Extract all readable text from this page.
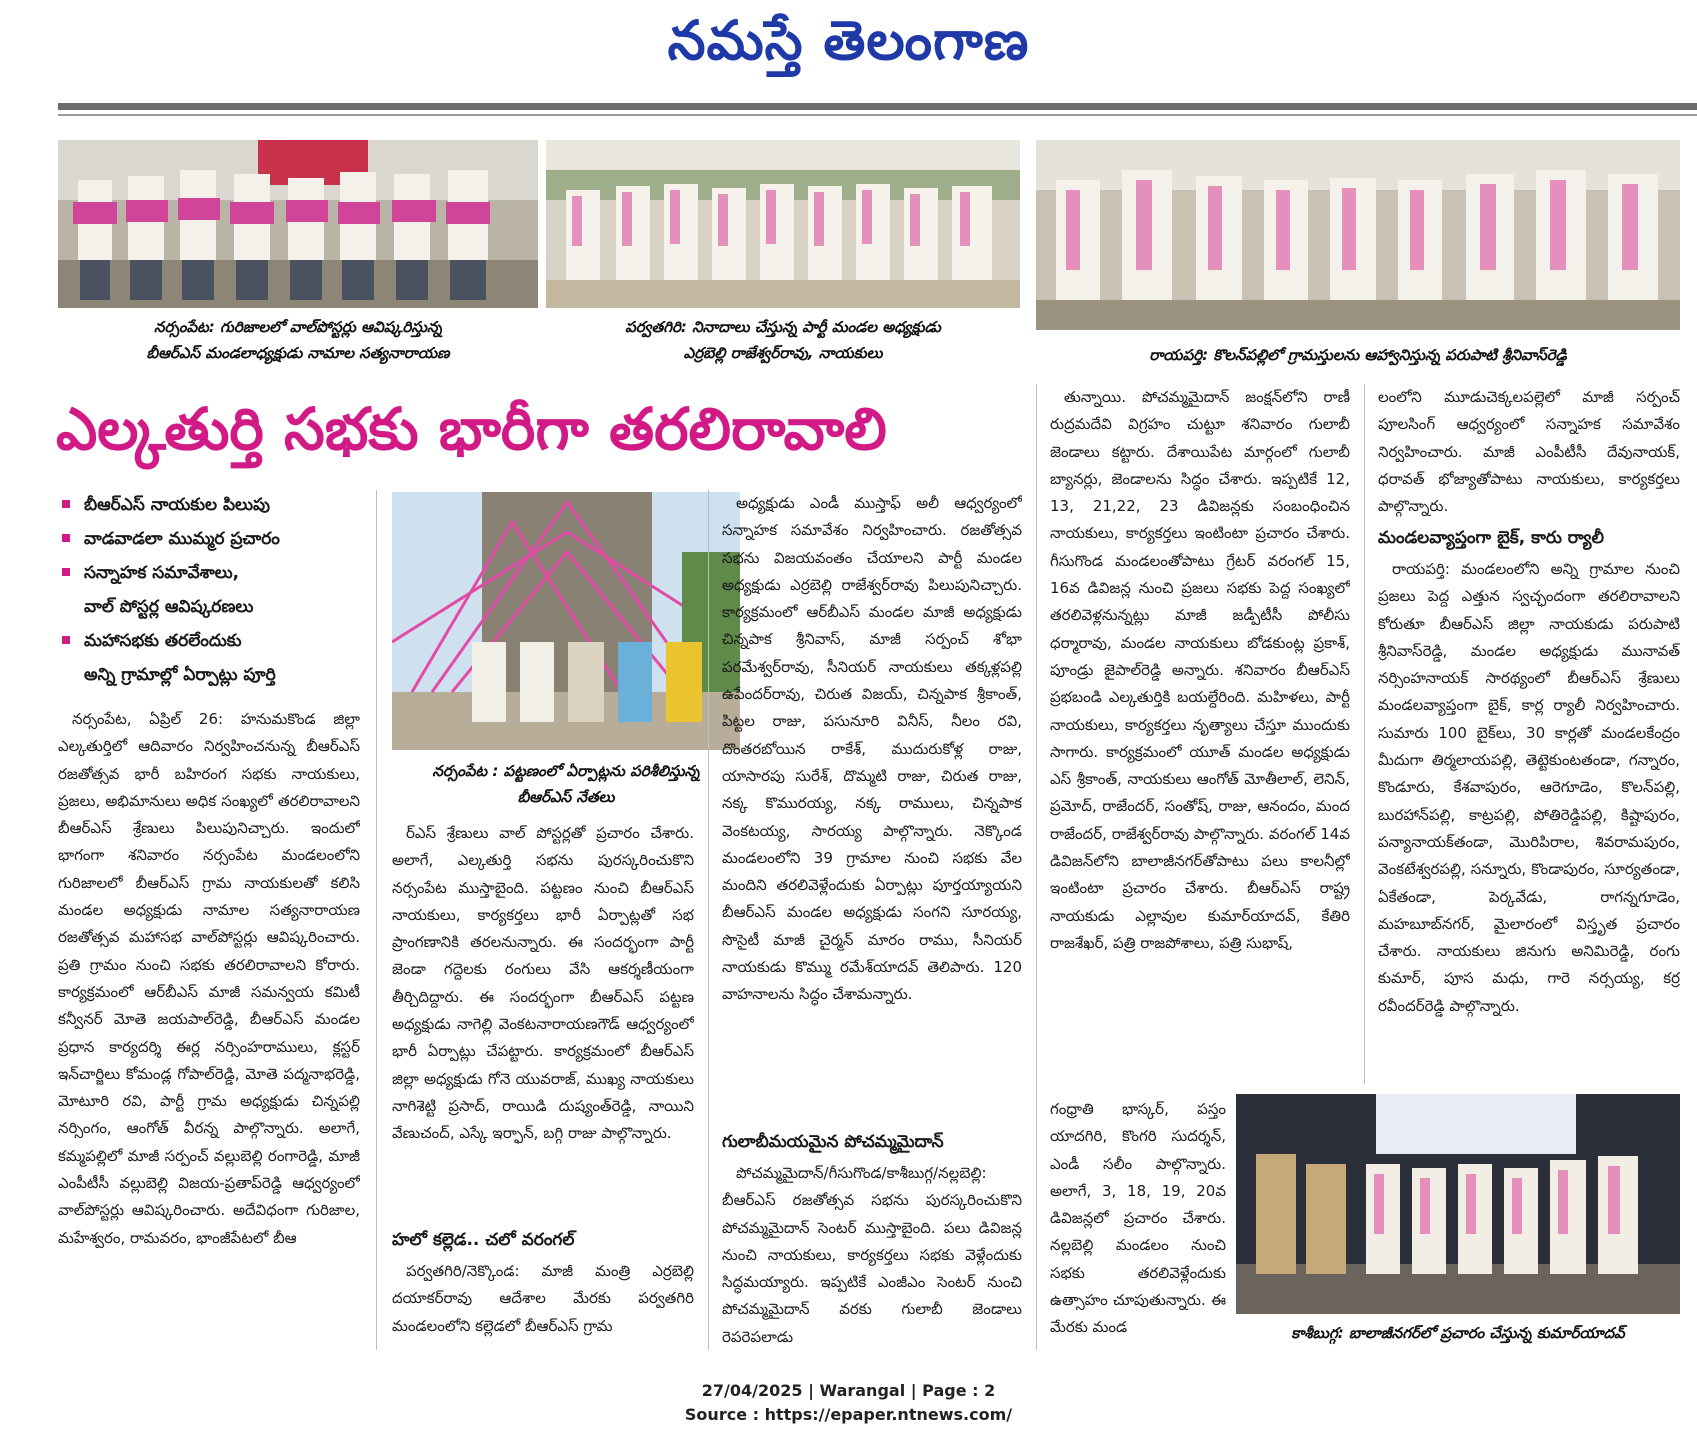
నమస్తే తెలంగాణ
నర్సంపేట: గురిజాలలో వాల్‌పోస్టర్లు ఆవిష్కరిస్తున్న
బీఆర్‌ఎస్ మండలాధ్యక్షుడు నామాల సత్యనారాయణ
పర్వతగిరి: నినాదాలు చేస్తున్న పార్టీ మండల అధ్యక్షుడు
ఎర్రబెల్లి రాజేశ్వర్‌రావు, నాయకులు	రాయపర్తి: కొలన్‌పల్లిలో గ్రామస్తులను ఆహ్వానిస్తున్న పరుపాటి శ్రీనివాస్‌రెడ్డి
ఎల్కతుర్తి సభకు భారీగా తరలిరావాలి
బీఆర్‌ఎస్ నాయకుల పిలుపు
వాడవాడలా ముమ్మర ప్రచారం
సన్నాహక సమావేశాలు,
వాల్ పోస్టర్ల ఆవిష్కరణలు
మహాసభకు తరలేందుకు
అన్ని గ్రామాల్లో ఏర్పాట్లు పూర్తి

నర్సంపేట, ఏప్రిల్ 26: హనుమకొండ జిల్లా ఎల్కతుర్తిలో ఆదివారం నిర్వహించనున్న బీఆర్‌ఎస్ రజతోత్సవ భారీ బహిరంగ సభకు నాయకులు, ప్రజలు, అభిమానులు అధిక సంఖ్యలో తరలిరావాలని బీఆర్‌ఎస్ శ్రేణులు పిలుపునిచ్చారు. ఇందులో భాగంగా శనివారం నర్సంపేట మండలంలోని గురిజాలలో బీఆర్‌ఎస్ గ్రామ నాయకులతో కలిసి మండల అధ్యక్షుడు నామాల సత్యనారాయణ రజతోత్సవ మహాసభ వాల్‌పోస్టర్లు ఆవిష్కరించారు. ప్రతి గ్రామం నుంచి సభకు తరలిరావాలని కోరారు. కార్యక్రమంలో ఆర్‌బీఎస్ మాజీ సమన్వయ కమిటీ కన్వీనర్ మోతె జయపాల్‌రెడ్డి, బీఆర్‌ఎస్ మండల ప్రధాన కార్యదర్శి ఈర్ల నర్సింహరాములు, క్లస్టర్ ఇన్‌చార్జిలు కోమండ్ల గోపాల్‌రెడ్డి, మోతె పద్మనాభరెడ్డి, మోటూరి రవి, పార్టీ గ్రామ అధ్యక్షుడు చిన్నపల్లి నర్సింగం, ఆంగోత్ వీరన్న పాల్గొన్నారు. అలాగే, కమ్మపల్లిలో మాజీ సర్పంచ్ వల్లుబెల్లి రంగారెడ్డి, మాజీ ఎంపీటీసీ వల్లుబెల్లి విజయ-ప్రతాప్‌రెడ్డి ఆధ్వర్యంలో వాల్‌పోస్టర్లు ఆవిష్కరించారు. అదేవిధంగా గురిజాల, మహేశ్వరం, రామవరం, భాంజీపేటలో బీఆ

నర్సంపేట : పట్టణంలో ఏర్పాట్లను పరిశీలిస్తున్న
బీఆర్‌ఎస్ నేతలు

ర్‌ఎస్ శ్రేణులు వాల్ పోస్టర్లతో ప్రచారం చేశారు. అలాగే, ఎల్కతుర్తి సభను పురస్కరించుకొని నర్సంపేట ముస్తాబైంది. పట్టణం నుంచి బీఆర్‌ఎస్ నాయకులు, కార్యకర్తలు భారీ ఏర్పాట్లతో సభ ప్రాంగణానికి తరలనున్నారు. ఈ సందర్భంగా పార్టీ జెండా గద్దెలకు రంగులు వేసి ఆకర్శణీయంగా తీర్చిదిద్దారు. ఈ సందర్భంగా బీఆర్‌ఎస్ పట్టణ అధ్యక్షుడు నాగెల్లి వెంకటనారాయణగౌడ్ ఆధ్వర్యంలో భారీ ఏర్పాట్లు చేపట్టారు. కార్యక్రమంలో బీఆర్‌ఎస్ జిల్లా అధ్యక్షుడు గోనె యువరాజ్, ముఖ్య నాయకులు నాగిశెట్టి ప్రసాద్, రాయిడి దుష్యంత్‌రెడ్డి, నాయిని వేణుచంద్, ఎస్కే ఇర్ఫాన్, బగ్గి రాజు పాల్గొన్నారు.

హలో కల్లెడ.. చలో వరంగల్

పర్వతగిరి/నెక్కొండ: మాజీ మంత్రి ఎర్రబెల్లి దయాకర్‌రావు ఆదేశాల మేరకు పర్వతగిరి మండలంలోని కల్లెడలో బీఆర్‌ఎస్ గ్రామ

అధ్యక్షుడు ఎండీ ముస్తాఫ్ అలీ ఆధ్వర్యంలో సన్నాహక సమావేశం నిర్వహించారు. రజతోత్సవ సభను విజయవంతం చేయాలని పార్టీ మండల అధ్యక్షుడు ఎర్రబెల్లి రాజేశ్వర్‌రావు పిలుపునిచ్చారు. కార్యక్రమంలో ఆర్‌బీఎస్ మండల మాజీ అధ్యక్షుడు చిన్నపాక శ్రీనివాస్, మాజీ సర్పంచ్ శోభా పరమేశ్వర్‌రావు, సీనియర్ నాయకులు తక్కళ్లపల్లి ఉపేందర్‌రావు, చిరుత విజయ్, చిన్నపాక శ్రీకాంత్, పిట్టల రాజు, పసునూరి వినీస్, నీలం రవి, దొంతరబోయిన రాకేశ్, ముదురుకోళ్ల రాజు, యాసారపు సురేశ్, దొమ్మటి రాజు, చిరుత రాజు, నక్క కొమురయ్య, నక్క రాములు, చిన్నపాక వెంకటయ్య, సారయ్య పాల్గొన్నారు. నెక్కొండ మండలంలోని 39 గ్రామాల నుంచి సభకు వేల మందిని తరలివెళ్లేందుకు ఏర్పాట్లు పూర్తయ్యాయని బీఆర్‌ఎస్ మండల అధ్యక్షుడు సంగని సూరయ్య, సొసైటీ మాజీ చైర్మన్ మారం రాము, సీనియర్ నాయకుడు కొమ్ము రమేశ్‌యాదవ్ తెలిపారు. 120 వాహనాలను సిద్ధం చేశామన్నారు.

గులాబీమయమైన పోచమ్మమైదాన్

పోచమ్మమైదాన్/గీసుగొండ/కాశీబుగ్గ/నల్లబెల్లి: బీఆర్‌ఎస్ రజతోత్సవ సభను పురస్కరించుకొని పోచమ్మమైదాన్ సెంటర్ ముస్తాబైంది. పలు డివిజన్ల నుంచి నాయకులు, కార్యకర్తలు సభకు వెళ్లేందుకు సిద్ధమయ్యారు. ఇప్పటికే ఎంజీఎం సెంటర్ నుంచి పోచమ్మమైదాన్ వరకు గులాబీ జెండాలు రెపరెపలాడు

తున్నాయి. పోచమ్మమైదాన్ జంక్షన్‌లోని రాణీ రుద్రమదేవి విగ్రహం చుట్టూ శనివారం గులాబీ జెండాలు కట్టారు. దేశాయిపేట మార్గంలో గులాబీ బ్యానర్లు, జెండాలను సిద్ధం చేశారు. ఇప్పటికే 12, 13, 21,22, 23 డివిజన్లకు సంబంధించిన నాయకులు, కార్యకర్తలు ఇంటింటా ప్రచారం చేశారు. గీసుగొండ మండలంతోపాటు గ్రేటర్ వరంగల్ 15, 16వ డివిజన్ల నుంచి ప్రజలు సభకు పెద్ద సంఖ్యలో తరలివెళ్లనున్నట్లు మాజీ జడ్పీటీసీ పోలీసు ధర్మారావు, మండల నాయకులు బోడకుంట్ల ప్రకాశ్, పూండ్రు జైపాల్‌రెడ్డి అన్నారు. శనివారం బీఆర్‌ఎస్ ప్రభబండి ఎల్కతుర్తికి బయల్దేరింది. మహిళలు, పార్టీ నాయకులు, కార్యకర్తలు నృత్యాలు చేస్తూ ముందుకు సాగారు. కార్యక్రమంలో యూత్ మండల అధ్యక్షుడు ఎస్ శ్రీకాంత్, నాయకులు ఆంగోత్ మోతీలాల్, లెనిన్, ప్రమోద్, రాజేందర్, సంతోష్, రాజు, ఆనందం, మంద రాజేందర్, రాజేశ్వర్‌రావు పాల్గొన్నారు. వరంగల్ 14వ డివిజన్‌లోని బాలాజీనగర్‌తోపాటు పలు కాలనీల్లో ఇంటింటా ప్రచారం చేశారు. బీఆర్‌ఎస్ రాష్ట్ర నాయకుడు ఎల్లావుల కుమార్‌యాదవ్, కేతిరి రాజశేఖర్, పత్రి రాజపోశాలు, పత్రి సుభాష్,

గంధ్రాతి భాస్కర్, పస్తం యాదగిరి, కొంగరి సుదర్శన్, ఎండీ సలీం పాల్గొన్నారు. అలాగే, 3, 18, 19, 20వ డివిజన్లలో ప్రచారం చేశారు. నల్లబెల్లి మండలం నుంచి సభకు తరలివెళ్లేందుకు ఉత్సాహం చూపుతున్నారు. ఈ మేరకు మండ	కాశీబుగ్గ: బాలాజీనగర్‌లో ప్రచారం చేస్తున్న కుమార్‌యాదవ్

లంలోని మూడుచెక్కలపల్లెలో మాజీ సర్పంచ్ పూలసింగ్ ఆధ్వర్యంలో సన్నాహక సమావేశం నిర్వహించారు. మాజీ ఎంపీటీసీ దేవునాయక్, ధరావత్ భోజ్యాతోపాటు నాయకులు, కార్యకర్తలు పాల్గొన్నారు.

మండలవ్యాప్తంగా బైక్, కారు ర్యాలీ

రాయపర్తి: మండలంలోని అన్ని గ్రామాల నుంచి ప్రజలు పెద్ద ఎత్తున స్వచ్ఛందంగా తరలిరావాలని కోరుతూ బీఆర్‌ఎస్ జిల్లా నాయకుడు పరుపాటి శ్రీనివాస్‌రెడ్డి, మండల అధ్యక్షుడు మునావత్ నర్సింహనాయక్ సారథ్యంలో బీఆర్‌ఎస్ శ్రేణులు మండలవ్యాప్తంగా బైక్, కార్ల ర్యాలీ నిర్వహించారు. సుమారు 100 బైక్‌లు, 30 కార్లతో మండలకేంద్రం మీదుగా తిర్మలాయపల్లి, తెట్టెకుంటతండా, గన్నారం, కొండూరు, కేశవాపురం, ఆరెగూడెం, కొలన్‌పల్లి, బురహాన్‌పల్లి, కాట్రపల్లి, పోతిరెడ్డిపల్లి, కిష్టాపురం, పన్యానాయక్‌తండా, మొరిపిరాల, శివరామపురం, వెంకటేశ్వరపల్లి, సన్నూరు, కొండాపురం, సూర్యతండా, ఏకేతండా, పెర్కవేడు, రాగన్నగూడెం, మహబూబ్‌నగర్, మైలారంలో విస్తృత ప్రచారం చేశారు. నాయకులు జినుగు అనిమిరెడ్డి, రంగు కుమార్, పూస మధు, గారె నర్సయ్య, కర్ర రవీందర్‌రెడ్డి పాల్గొన్నారు.

27/04/2025 | Warangal | Page : 2
Source : https://epaper.ntnews.com/
